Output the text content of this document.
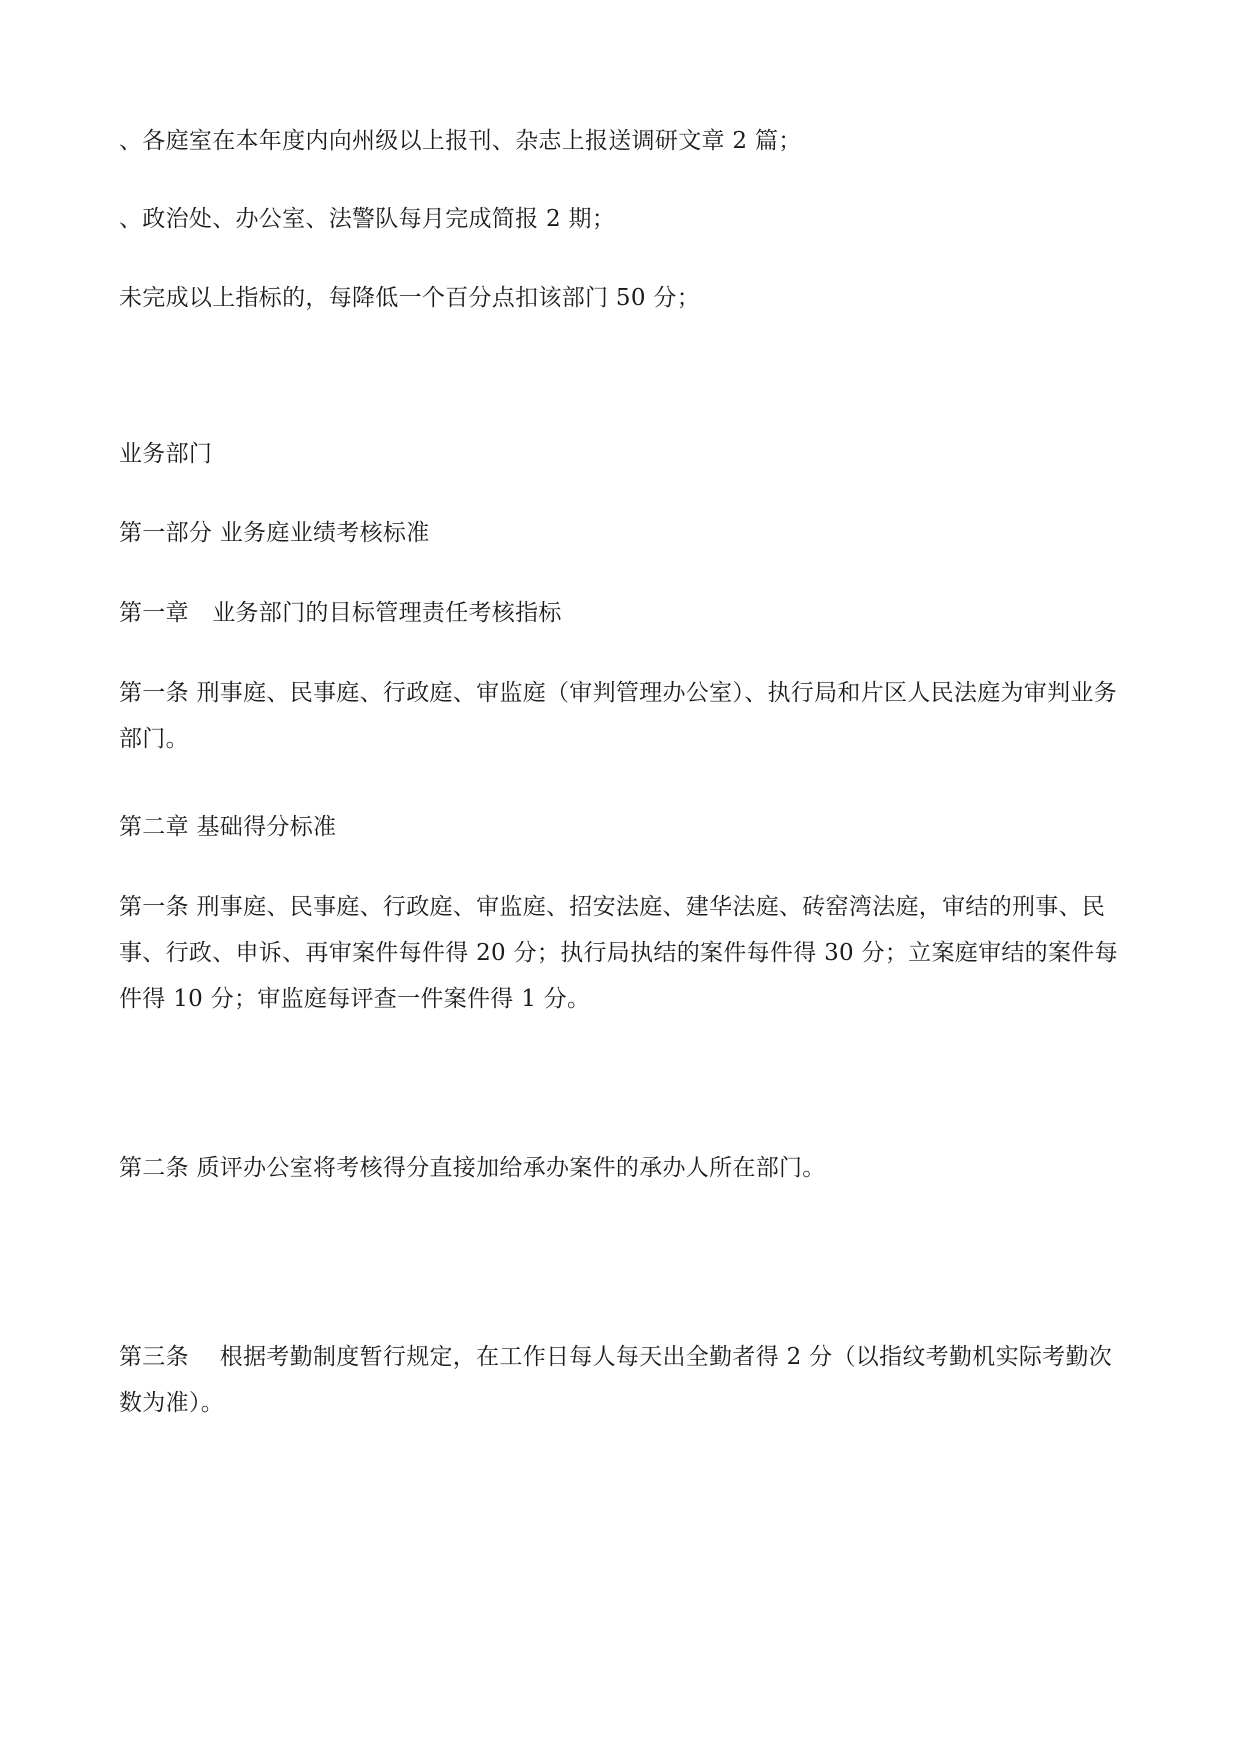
、各庭室在本年度内向州级以上报刊、杂志上报送调研文章 2 篇；

、政治处、办公室、法警队每月完成简报 2 期；

未完成以上指标的，每降低一个百分点扣该部门 50 分；

业务部门

第一部分 业务庭业绩考核标准

第一章　业务部门的目标管理责任考核指标

第一条 刑事庭、民事庭、行政庭、审监庭（审判管理办公室）、执行局和片区人民法庭为审判业务部门。

第二章 基础得分标准

第一条 刑事庭、民事庭、行政庭、审监庭、招安法庭、建华法庭、砖窑湾法庭，审结的刑事、民事、行政、申诉、再审案件每件得 20 分；执行局执结的案件每件得 30 分；立案庭审结的案件每件得 10 分；审监庭每评查一件案件得 1 分。

第二条 质评办公室将考核得分直接加给承办案件的承办人所在部门。

第三条　 根据考勤制度暂行规定，在工作日每人每天出全勤者得 2 分（以指纹考勤机实际考勤次数为准）。
